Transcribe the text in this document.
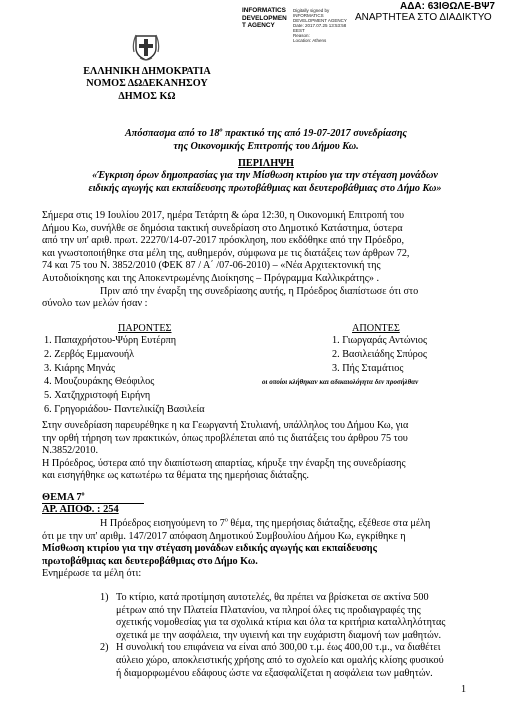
ΑΔΑ: 63ΙΘΩΛΕ-ΒΨ7
INFORMATICS
DEVELOPMEN
T AGENCY
Digitally signed by
INFORMATICS
DEVELOPMENT AGENCY
Date: 2017.07.25 13:53:58
EEST
Reason:
Location: Athens
ΑΝΑΡΤΗΤΕΑ ΣΤΟ ΔΙΑΔΙΚΤΥΟ
ΕΛΛΗΝΙΚΗ ΔΗΜΟΚΡΑΤΙΑ
ΝΟΜΟΣ ΔΩΔΕΚΑΝΗΣΟΥ
ΔΗΜΟΣ ΚΩ
Απόσπασμα από το $18^o$ πρακτικό της από 19-07-2017 συνεδρίασης
της Οικονομικής Επιτροπής του Δήμου Κω.
ΠΕΡΙΛΗΨΗ
«Έγκριση όρων δημοπρασίας για την Μίσθωση κτιρίου για την στέγαση μονάδων
ειδικής αγωγής και εκπαίδευσης πρωτοβάθμιας και δευτεροβάθμιας στο Δήμο Κω»
Σήμερα στις 19 Ιουλίου 2017, ημέρα Τετάρτη & ώρα 12:30, η Οικονομική Επιτροπή του
Δήμου Κω, συνήλθε σε δημόσια τακτική συνεδρίαση στο Δημοτικό Κατάστημα, ύστερα
από την υπ' αριθ. πρωτ. 22270/14-07-2017 πρόσκληση, που εκδόθηκε από την Πρόεδρο,
και γνωστοποιήθηκε στα μέλη της, αυθημερόν, σύμφωνα με τις διατάξεις των άρθρων 72,
74 και 75 του Ν. 3852/2010 (ΦΕΚ 87 / Α΄ /07-06-2010) – «Νέα Αρχιτεκτονική της
Αυτοδιοίκησης και της Αποκεντρωμένης Διοίκησης – Πρόγραμμα Καλλικράτης» .
Πριν από την έναρξη της συνεδρίασης αυτής, η Πρόεδρος διαπίστωσε ότι στο
σύνολο των μελών ήσαν :
ΠΑΡΟΝΤΕΣ
1. Παπαχρήστου-Ψύρη Ευτέρπη
2. Ζερβός Εμμανουήλ
3. Κιάρης Μηνάς
4. Μουζουράκης Θεόφιλος
5. Χατζηχριστοφή Ειρήνη
6. Γρηγοριάδου- Παντελικίζη Βασιλεία
ΑΠΟΝΤΕΣ
1. Γιωργαράς Αντώνιος
2. Βασιλειάδης Σπύρος
3. Πής Σταμάτιος
οι οποίοι κλήθηκαν και αδικαιολόγητα δεν προσήλθαν
Στην συνεδρίαση παρευρέθηκε η κα Γεωργαντή Στυλιανή, υπάλληλος του Δήμου Κω, για
την ορθή τήρηση των πρακτικών, όπως προβλέπεται από τις διατάξεις του άρθρου 75 του
Ν.3852/2010.
Η Πρόεδρος, ύστερα από την διαπίστωση απαρτίας, κήρυξε την έναρξη της συνεδρίασης
και εισηγήθηκε ως κατωτέρω τα θέματα της ημερήσιας διάταξης.
ΘΕΜΑ $7^o$
ΑΡ. ΑΠΟΦ. : 254
Η Πρόεδρος εισηγούμενη το $7^o$ θέμα, της ημερήσιας διάταξης, εξέθεσε στα μέλη
ότι με την υπ' αριθμ. 147/2017 απόφαση Δημοτικού Συμβουλίου Δήμου Κω, εγκρίθηκε η
Μίσθωση κτιρίου για την στέγαση μονάδων ειδικής αγωγής και εκπαίδευσης
πρωτοβάθμιας και δευτεροβάθμιας στο Δήμο Κω.
Ενημέρωσε τα μέλη ότι:
1) Το κτίριο, κατά προτίμηση αυτοτελές, θα πρέπει να βρίσκεται σε ακτίνα 500
μέτρων από την Πλατεία Πλατανίου, να πληροί όλες τις προδιαγραφές της
σχετικής νομοθεσίας για τα σχολικά κτίρια και όλα τα κριτήρια καταλληλότητας
σχετικά με την ασφάλεια, την υγιεινή και την ευχάριστη διαμονή των μαθητών.
2) Η συνολική του επιφάνεια να είναι από 300,00 τ.μ. έως 400,00 τ.μ., να διαθέτει
αύλειο χώρο, αποκλειστικής χρήσης από το σχολείο και ομαλής κλίσης φυσικού
ή διαμορφωμένου εδάφους ώστε να εξασφαλίζεται η ασφάλεια των μαθητών.
1
